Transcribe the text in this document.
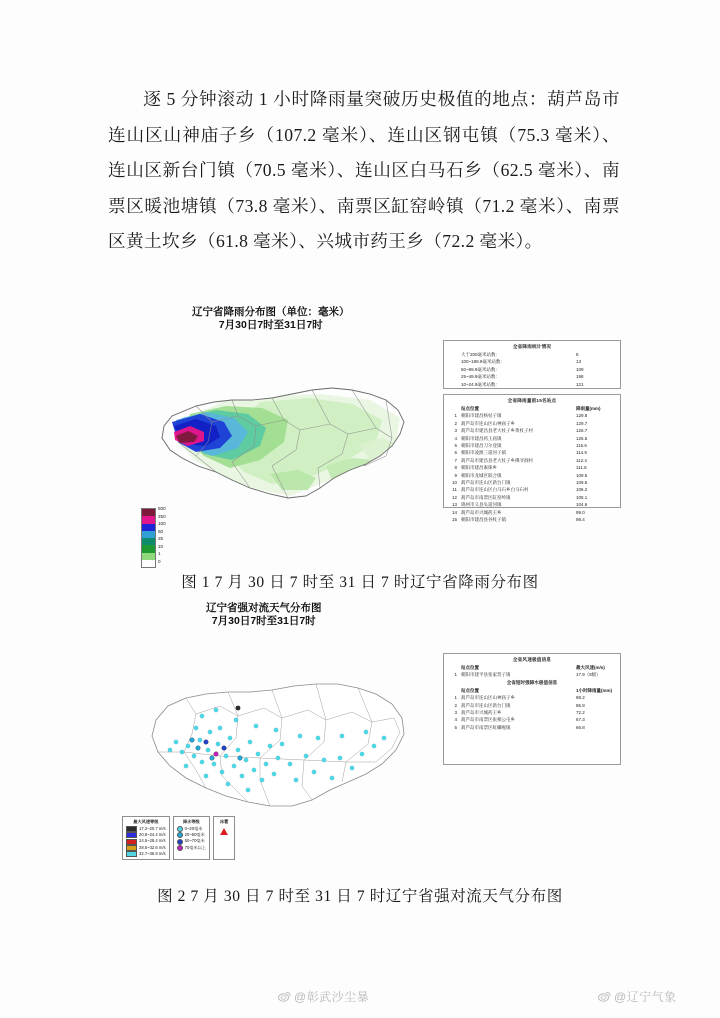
逐 5 分钟滚动 1 小时降雨量突破历史极值的地点：葫芦岛市连山区山神庙子乡（107.2 毫米）、连山区钢屯镇（75.3 毫米）、连山区新台门镇（70.5 毫米）、连山区白马石乡（62.5 毫米）、南票区暖池塘镇（73.8 毫米）、南票区缸窑岭镇（71.2 毫米）、南票区黄土坎乡（61.8 毫米）、兴城市药王乡（72.2 毫米）。

辽宁省降雨分布图（单位：毫米）
7月30日7时至31日7时
500
250
100
50
25
10
1
0
全省降雨统计情况
大于200毫米站数：	8
100~199.9毫米站数：	13
50~99.9毫米站数：	109
25~49.9毫米站数：	198
10~24.9毫米站数：	121
全省降雨量前15名站点
站点位置	降雨量(mm)
1 朝阳市建昌杨杖子镇	129.8
2 葫芦岛市连山区山神庙子乡	129.7
3 葫芦岛市建昌县老大杖子乡黄杖子村	126.7
4 朝阳市建昌药王庙镇	125.5
5 朝阳市建昌刀尔登镇	116.6
6 朝阳市凌源三道河子镇	114.9
7 葫芦岛市建昌县老大杖子乡佛爷洞村	112.4
8 朝阳市建昌素珠乡	111.6
9 朝阳市龙城区联合镇	109.5
10 葫芦岛市连山区新台门镇	109.5
11 葫芦岛市连山区白马石乡白马石村	106.2
12 葫芦岛市南票区缸窑岭镇	105.1
13 锦州市义县头道河镇	104.6
14 葫芦岛市兴城药王乡	99.0
15 朝阳市建昌县谷杖子镇	98.4
图 1 7 月 30 日 7 时至 31 日 7 时辽宁省降雨分布图
辽宁省强对流天气分布图
7月30日7时至31日7时
全省风速极值信息
站点位置	最大风速(m/s)
1 朝阳市建平县张家营子镇	17.9（8级）
全省短时强降水极值信息
站点位置	1小时降雨量(mm)
1 葫芦岛市连山区山神庙子乡	88.2
2 葫芦岛市连山区新台门镇	86.8
3 葫芦岛市兴城药王乡	72.2
4 葫芦岛市南票区张相公屯乡	67.3
5 葫芦岛市南票区虹螺岘镇	66.8
最大风速等级
17.2~20.7 m/s
20.8~24.4 m/s
24.5~28.4 m/s
28.5~32.6 m/s
32.7~36.9 m/s
降水等级
0~20毫米
20~50毫米
50~70毫米
70毫米以上
冰雹
图 2 7 月 30 日 7 时至 31 日 7 时辽宁省强对流天气分布图
@彰武沙尘暴	@辽宁气象
